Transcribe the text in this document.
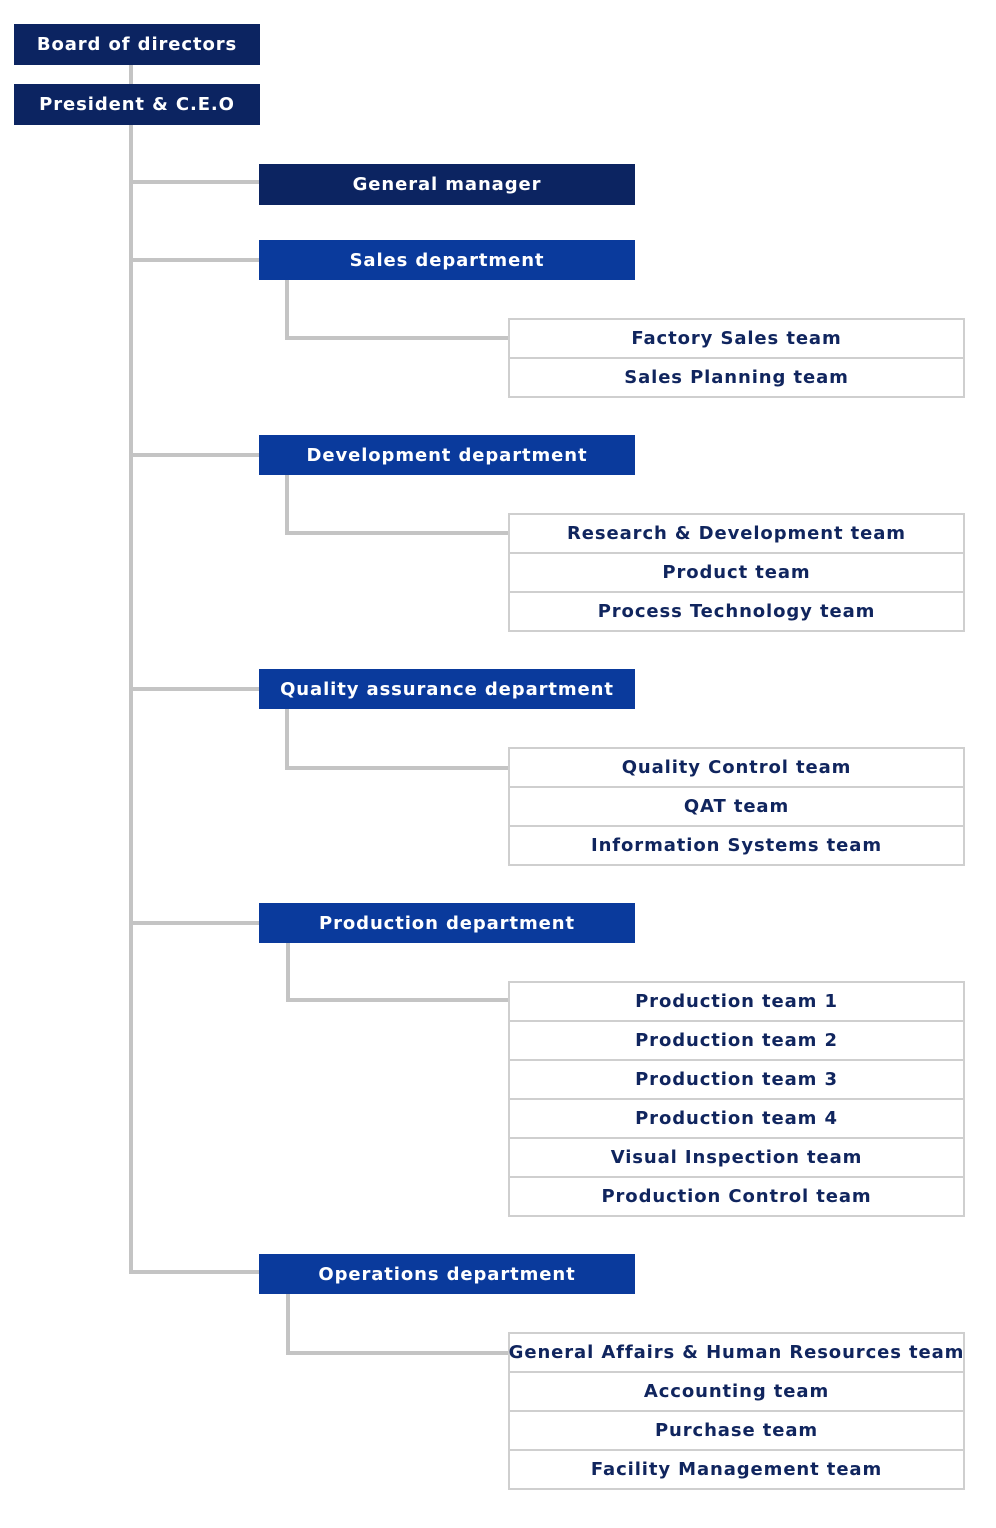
Board of directors
President & C.E.O
General manager
Sales department
Factory Sales team
Sales Planning team
Development department
Research & Development team
Product team
Process Technology team
Quality assurance department
Quality Control team
QAT team
Information Systems team
Production department
Production team 1
Production team 2
Production team 3
Production team 4
Visual Inspection team
Production Control team
Operations department
General Affairs & Human Resources team
Accounting team
Purchase team
Facility Management team
